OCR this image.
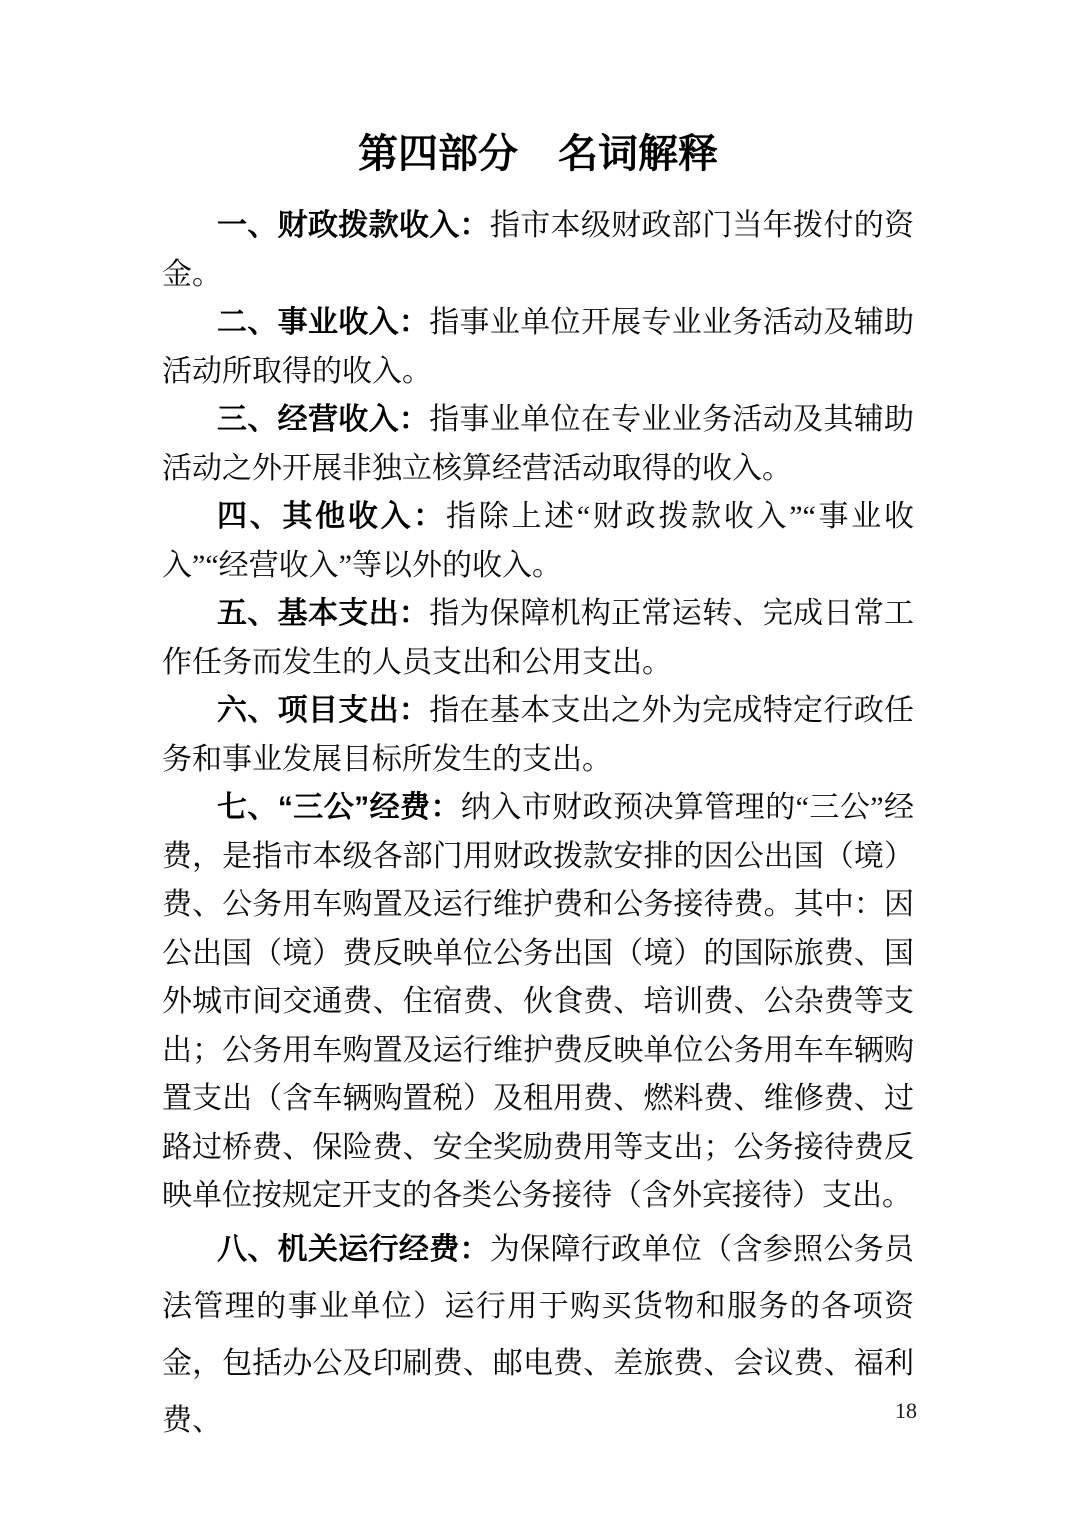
第四部分　名词解释

一、财政拨款收入：指市本级财政部门当年拨付的资金。

二、事业收入：指事业单位开展专业业务活动及辅助活动所取得的收入。

三、经营收入：指事业单位在专业业务活动及其辅助活动之外开展非独立核算经营活动取得的收入。

四、其他收入：指除上述“财政拨款收入”“事业收入”“经营收入”等以外的收入。

五、基本支出：指为保障机构正常运转、完成日常工作任务而发生的人员支出和公用支出。

六、项目支出：指在基本支出之外为完成特定行政任务和事业发展目标所发生的支出。

七、“三公”经费：纳入市财政预决算管理的“三公”经费，是指市本级各部门用财政拨款安排的因公出国（境）费、公务用车购置及运行维护费和公务接待费。其中：因公出国（境）费反映单位公务出国（境）的国际旅费、国外城市间交通费、住宿费、伙食费、培训费、公杂费等支出；公务用车购置及运行维护费反映单位公务用车车辆购置支出（含车辆购置税）及租用费、燃料费、维修费、过路过桥费、保险费、安全奖励费用等支出；公务接待费反映单位按规定开支的各类公务接待（含外宾接待）支出。

八、机关运行经费：为保障行政单位（含参照公务员法管理的事业单位）运行用于购买货物和服务的各项资金，包括办公及印刷费、邮电费、差旅费、会议费、福利费、	18
